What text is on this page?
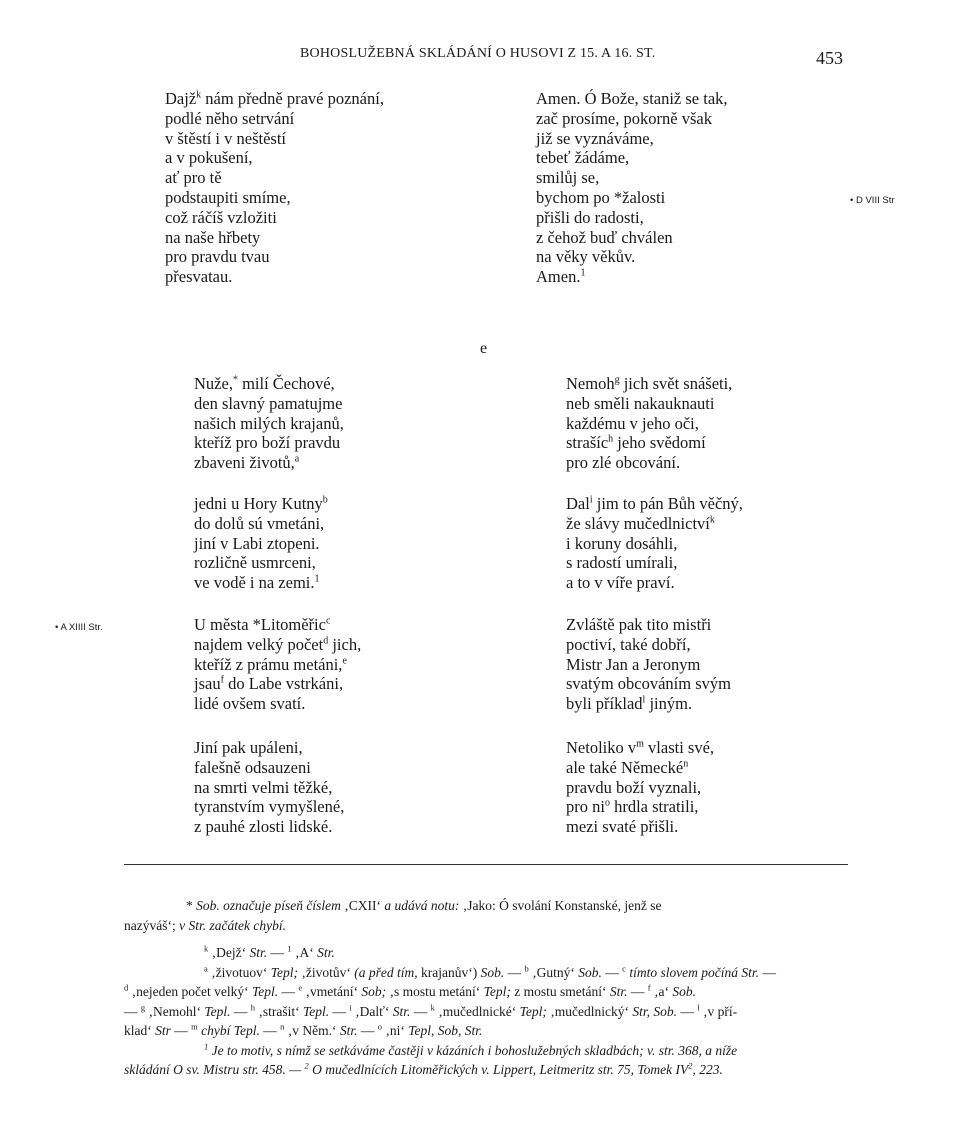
BOHOSLUŽEBNÁ SKLÁDÁNÍ O HUSOVI Z 15. A 16. ST.	453
Dajž$^k$ nám předně pravé poznání,
podlé něho setrvání
v štěstí i v neštěstí
a v pokušení,
ať pro tě
podstaupiti smíme,
což ráčíš vzložiti
na naše hřbety
pro pravdu tvau
přesvatau.
Amen. Ó Bože, staniž se tak,
zač prosíme, pokorně však
již se vyznáváme,
tebeť žádáme,
smilůj se,
bychom po *žalosti
přišli do radosti,
z čehož buď chválen
na věky věkův.
Amen.$^1$
• D VIII Str
e
Nuže,* milí Čechové,
den slavný pamatujme
našich milých krajanů,
kteříž pro boží pravdu
zbaveni životů,$^a$
jedni u Hory Kutny$^b$
do dolů sú vmetáni,
jiní v Labi ztopeni.
rozličně usmrceni,
ve vodě i na zemi.$^1$
• A XIIII Str.	U města *Litoměřic$^c$
najdem velký počet$^d$ jich,
kteříž z prámu metáni,$^e$
jsau$^f$ do Labe vstrkáni,
lidé ovšem svatí.
Jiní pak upáleni,
falešně odsauzeni
na smrti velmi těžké,
tyranstvím vymyšlené,
z pauhé zlosti lidské.
Nemoh$^g$ jich svět snášeti,
neb směli nakauknauti
každému v jeho oči,
strašíc$^h$ jeho svědomí
pro zlé obcování.
Dal$^i$ jim to pán Bůh věčný,
že slávy mučedlnictví$^k$
i koruny dosáhli,
s radostí umírali,
a to v víře praví.
Zvláště pak tito mistři
poctiví, také dobří,
Mistr Jan a Jeronym
svatým obcováním svým
byli příklad$^l$ jiným.
Netoliko $v^m$ vlasti své,
ale také Německé$^n$
pravdu boží vyznali,
pro $ni^o$ hrdla stratili,
mezi svaté přišli.
* Sob. označuje píseň číslem ‚CXII‘ a udává notu: ‚Jako: Ó svolání Konstanské, jenž se
nazýváš‘; v Str. začátek chybí.
$^k$ ‚Dejž‘ Str. — $^1$ ‚A‘ Str.
$^a$ ‚životuov‘ Tepl; ‚životův‘ (a před tím, krajanův‘) Sob. — $^b$ ‚Gutný‘ Sob. — $^c$ tímto slovem počíná Str. —
$^d$ ‚nejeden počet velký‘ Tepl. — $^e$ ‚vmetání‘ Sob; ‚s mostu metání‘ Tepl; z mostu smetání‘ Str. — $^f$ ‚a‘ Sob.
— $^g$ ‚Nemohl‘ Tepl. — $^h$ ‚strašit‘ Tepl. — $^i$ ‚Dalť‘ Str. — $^k$ ‚mučedlnické‘ Tepl; ‚mučedlnický‘ Str, Sob. — $^l$ ‚v pří-
klad‘ Str — $^m$ chybí Tepl. — $^n$ ‚v Něm.‘ Str. — $^o$ ‚ni‘ Tepl, Sob, Str.
$^1$ Je to motiv, s nímž se setkáváme častěji v kázáních i bohoslužebných skladbách; v. str. 368, a níže
skládání O sv. Mistru str. 458. — $^2$ O mučedlnících Litoměřických v. Lippert, Leitmeritz str. 75, Tomek $IV^2$, 223.
